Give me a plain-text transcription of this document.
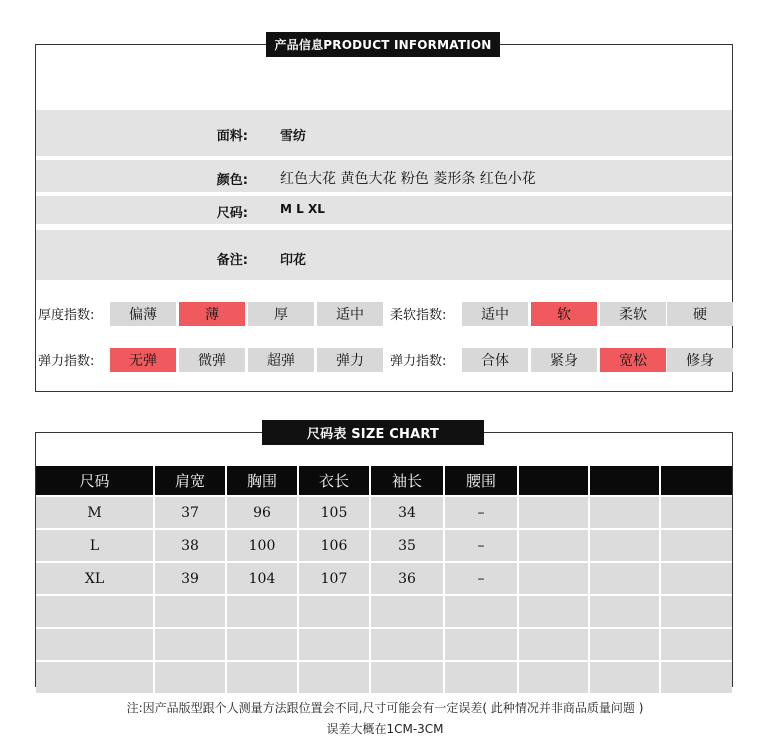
产品信息PRODUCT INFORMATION
面料: 雪纺
颜色: 红色大花 黄色大花 粉色 菱形条 红色小花
尺码:	M L XL
备注: 印花
厚度指数:	偏薄	薄	厚	适中	柔软指数:	适中	软	柔软	硬
弹力指数:	无弹	微弹	超弹	弹力	弹力指数:	合体	紧身	宽松	修身
尺码表 SIZE CHART
尺码	肩宽	胸围	衣长	袖长	腰围			
M	37	96	105	34	–			
L	38	100	106	35	–			
XL	39	104	107	36	–			

注:因产品版型跟个人测量方法跟位置会不同,尺寸可能会有一定误差( 此种情况并非商品质量问题 )
误差大概在1CM-3CM
